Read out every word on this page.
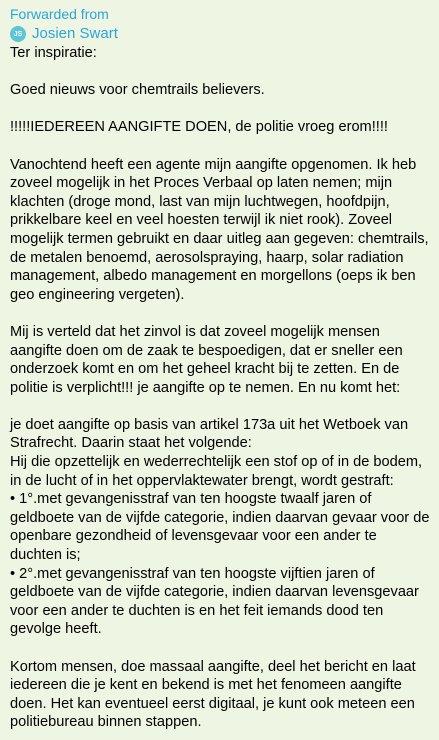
Forwarded from
JS Josien Swart

Ter inspiratie:

Goed nieuws voor chemtrails believers.

!!!!!IEDEREEN AANGIFTE DOEN, de politie vroeg erom!!!!

Vanochtend heeft een agente mijn aangifte opgenomen. Ik heb zoveel mogelijk in het Proces Verbaal op laten nemen; mijn klachten (droge mond, last van mijn luchtwegen, hoofdpijn, prikkelbare keel en veel hoesten terwijl ik niet rook). Zoveel mogelijk termen gebruikt en daar uitleg aan gegeven: chemtrails, de metalen benoemd, aerosolspraying, haarp, solar radiation management, albedo management en morgellons (oeps ik ben geo engineering vergeten).

Mij is verteld dat het zinvol is dat zoveel mogelijk mensen aangifte doen om de zaak te bespoedigen, dat er sneller een onderzoek komt en om het geheel kracht bij te zetten. En de politie is verplicht!!! je aangifte op te nemen. En nu komt het:

je doet aangifte op basis van artikel 173a uit het Wetboek van Strafrecht. Daarin staat het volgende:

Hij die opzettelijk en wederrechtelijk een stof op of in de bodem, in de lucht of in het oppervlaktewater brengt, wordt gestraft:

• 1°.met gevangenisstraf van ten hoogste twaalf jaren of geldboete van de vijfde categorie, indien daarvan gevaar voor de openbare gezondheid of levensgevaar voor een ander te duchten is;

• 2°.met gevangenisstraf van ten hoogste vijftien jaren of geldboete van de vijfde categorie, indien daarvan levensgevaar voor een ander te duchten is en het feit iemands dood ten gevolge heeft.

Kortom mensen, doe massaal aangifte, deel het bericht en laat iedereen die je kent en bekend is met het fenomeen aangifte doen. Het kan eventueel eerst digitaal, je kunt ook meteen een politiebureau binnen stappen.
